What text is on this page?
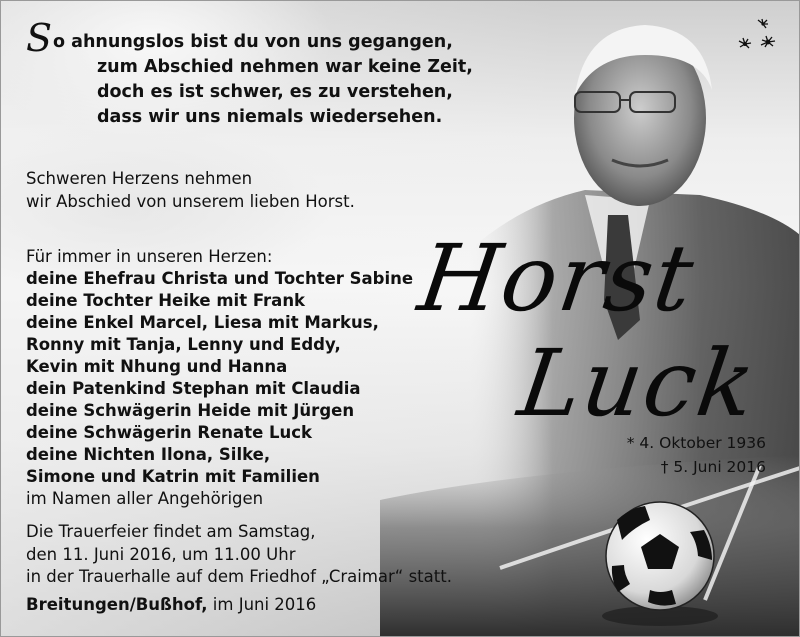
So ahnungslos bist du von uns gegangen,
zum Abschied nehmen war keine Zeit,
doch es ist schwer, es zu verstehen,
dass wir uns niemals wiedersehen.
Schweren Herzens nehmen
wir Abschied von unserem lieben Horst.
Für immer in unseren Herzen:
deine Ehefrau Christa und Tochter Sabine
deine Tochter Heike mit Frank
deine Enkel Marcel, Liesa mit Markus,
Ronny mit Tanja, Lenny und Eddy,
Kevin mit Nhung und Hanna
dein Patenkind Stephan mit Claudia
deine Schwägerin Heide mit Jürgen
deine Schwägerin Renate Luck
deine Nichten Ilona, Silke,
Simone und Katrin mit Familien
im Namen aller Angehörigen
Die Trauerfeier findet am Samstag,
den 11. Juni 2016, um 11.00 Uhr
in der Trauerhalle auf dem Friedhof „Craimar“ statt.
Breitungen/Bußhof, im Juni 2016
Horst
Luck
* 4. Oktober 1936
† 5. Juni 2016
